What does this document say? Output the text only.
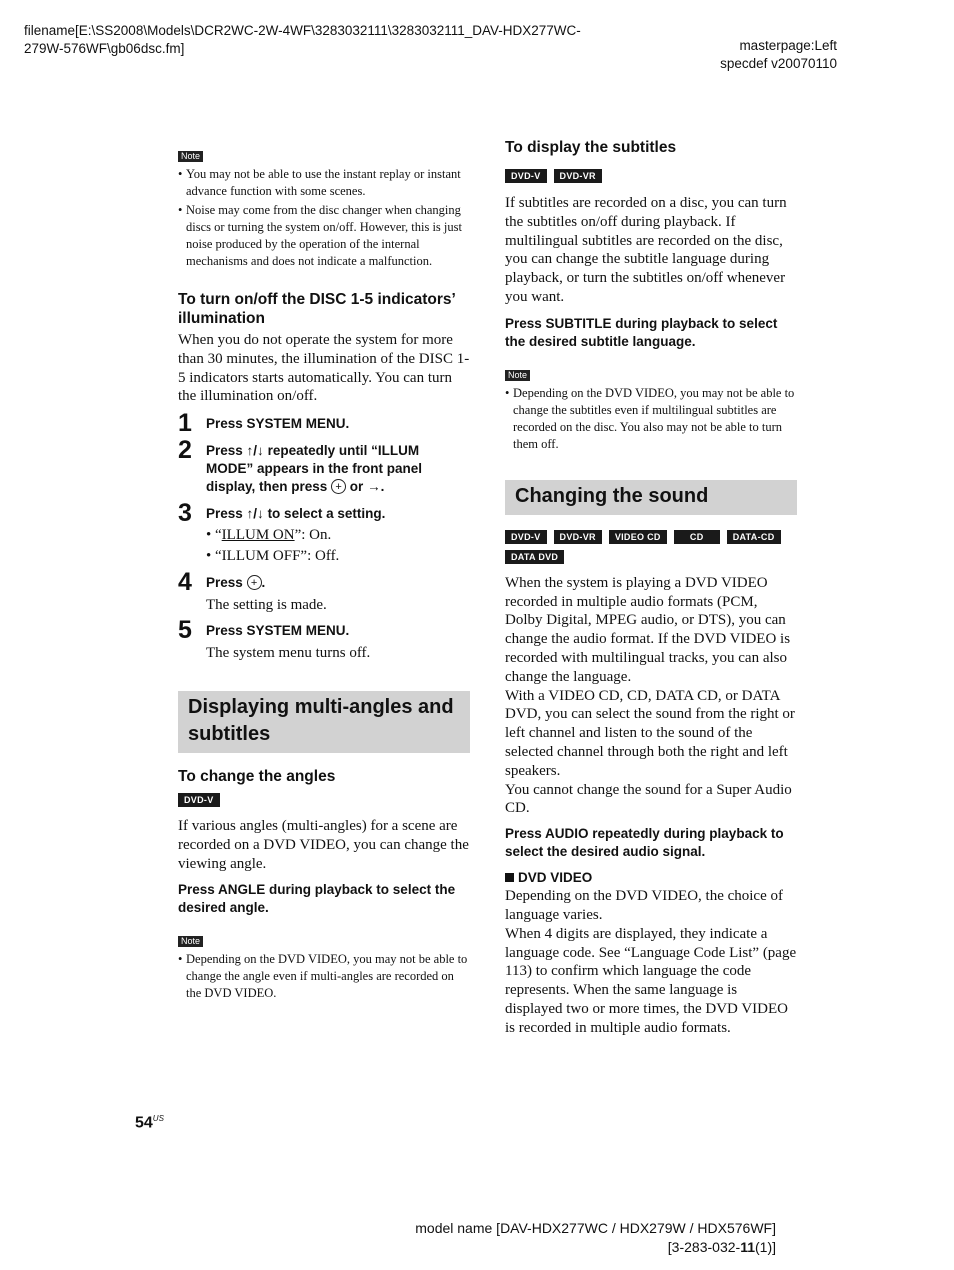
filename[E:\SS2008\Models\DCR2WC-2W-4WF\3283032111\3283032111_DAV-HDX277WC-
279W-576WF\gb06dsc.fm]	masterpage:Left
specdef v20070110
Note
• You may not be able to use the instant replay or instant advance function with some scenes.
• Noise may come from the disc changer when changing discs or turning the system on/off. However, this is just noise produced by the operation of the internal mechanisms and does not indicate a malfunction.
To turn on/off the DISC 1-5 indicators’ illumination

When you do not operate the system for more than 30 minutes, the illumination of the DISC 1-5 indicators starts automatically. You can turn the illumination on/off.

1 Press SYSTEM MENU.

2 Press ↑/↓ repeatedly until “ILLUM MODE” appears in the front panel display, then press + or →.

3 Press ↑/↓ to select a setting.

• “ILLUM ON”: On.
• “ILLUM OFF”: Off.
4 Press +.

The setting is made.

5 Press SYSTEM MENU.

The system menu turns off.

Displaying multi-angles and subtitles
To change the angles
DVD-V

If various angles (multi-angles) for a scene are recorded on a DVD VIDEO, you can change the viewing angle.

Press ANGLE during playback to select the desired angle.

Note
• Depending on the DVD VIDEO, you may not be able to change the angle even if multi-angles are recorded on the DVD VIDEO.
$54^{US}$
To display the subtitles
DVD-V	DVD-VR

If subtitles are recorded on a disc, you can turn the subtitles on/off during playback. If multilingual subtitles are recorded on the disc, you can change the subtitle language during playback, or turn the subtitles on/off whenever you want.

Press SUBTITLE during playback to select the desired subtitle language.

Note
• Depending on the DVD VIDEO, you may not be able to change the subtitles even if multilingual subtitles are recorded on the disc. You also may not be able to turn them off.
Changing the sound
DVD-V	DVD-VR	VIDEO CD	CD	DATA-CD
DATA DVD

When the system is playing a DVD VIDEO recorded in multiple audio formats (PCM, Dolby Digital, MPEG audio, or DTS), you can change the audio format. If the DVD VIDEO is recorded with multilingual tracks, you can also change the language.

With a VIDEO CD, CD, DATA CD, or DATA DVD, you can select the sound from the right or left channel and listen to the sound of the selected channel through both the right and left speakers.

You cannot change the sound for a Super Audio CD.

Press AUDIO repeatedly during playback to select the desired audio signal.

DVD VIDEO

Depending on the DVD VIDEO, the choice of language varies.

When 4 digits are displayed, they indicate a language code. See “Language Code List” (page 113) to confirm which language the code represents. When the same language is displayed two or more times, the DVD VIDEO is recorded in multiple audio formats.

model name [DAV-HDX277WC / HDX279W / HDX576WF]
[3-283-032-11(1)]
